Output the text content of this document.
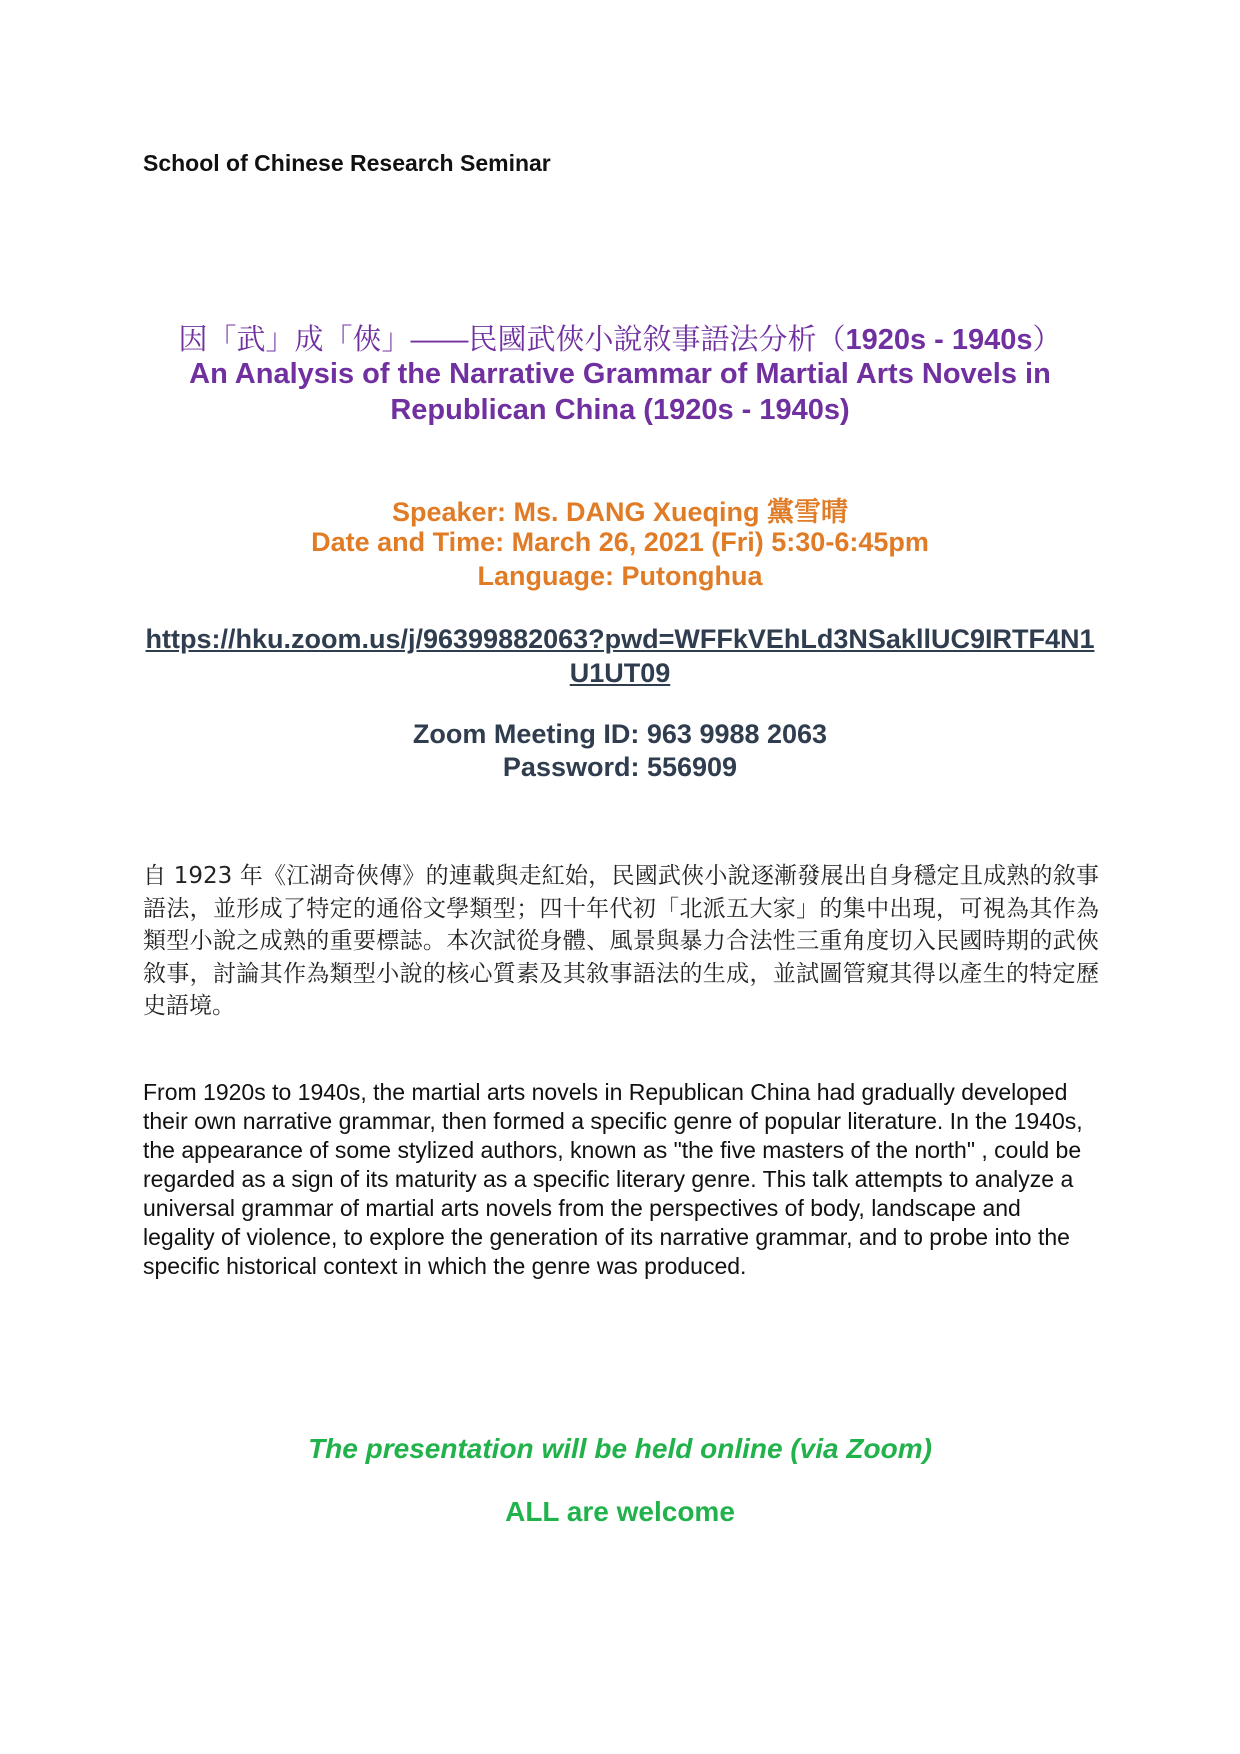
School of Chinese Research Seminar
因「武」成「俠」——民國武俠小說敘事語法分析（1920s - 1940s）
An Analysis of the Narrative Grammar of Martial Arts Novels in Republican China (1920s - 1940s)
Speaker: Ms. DANG Xueqing 黨雪晴
Date and Time: March 26, 2021 (Fri) 5:30-6:45pm
Language: Putonghua
https://hku.zoom.us/j/96399882063?pwd=WFFkVEhLd3NSakllUC9IRTF4N1U1UT09
Zoom Meeting ID: 963 9988 2063
Password: 556909
自 1923 年《江湖奇俠傳》的連載與走紅始，民國武俠小說逐漸發展出自身穩定且成熟的敘事語法，並形成了特定的通俗文學類型；四十年代初「北派五大家」的集中出現，可視為其作為類型小說之成熟的重要標誌。本次試從身體、風景與暴力合法性三重角度切入民國時期的武俠敘事，討論其作為類型小說的核心質素及其敘事語法的生成，並試圖管窺其得以產生的特定歷史語境。
From 1920s to 1940s, the martial arts novels in Republican China had gradually developed their own narrative grammar, then formed a specific genre of popular literature. In the 1940s, the appearance of some stylized authors, known as "the five masters of the north" , could be regarded as a sign of its maturity as a specific literary genre. This talk attempts to analyze a universal grammar of martial arts novels from the perspectives of body, landscape and legality of violence, to explore the generation of its narrative grammar, and to probe into the specific historical context in which the genre was produced.
The presentation will be held online (via Zoom)
ALL are welcome
